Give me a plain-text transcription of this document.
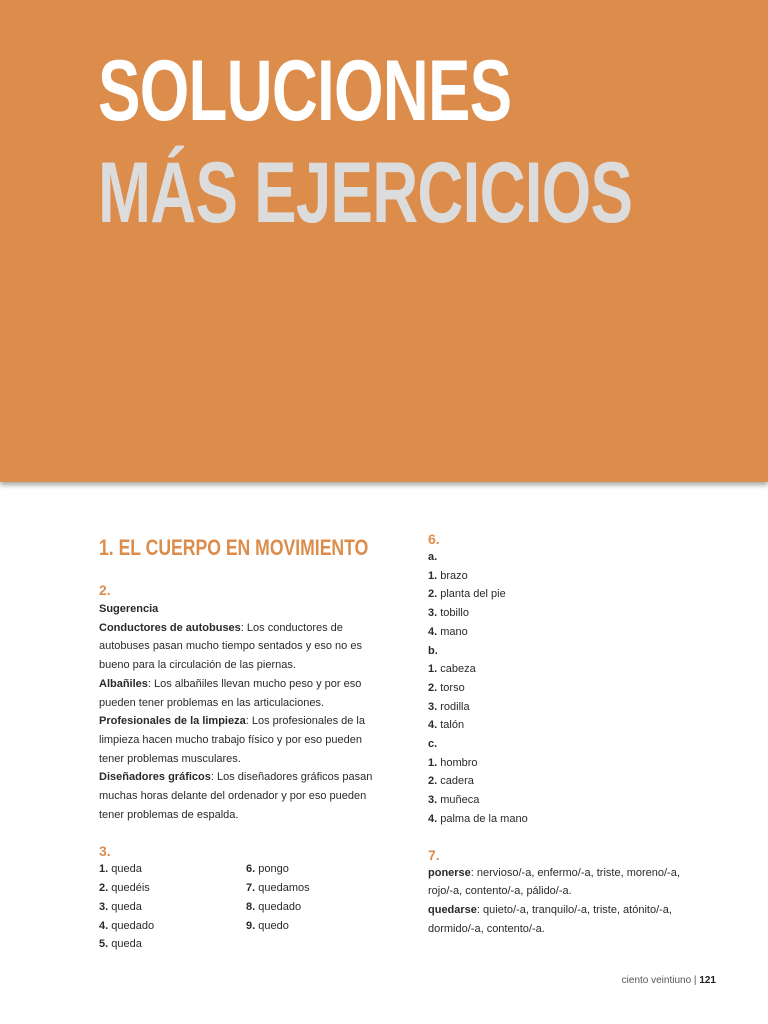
SOLUCIONES
MÁS EJERCICIOS
1. EL CUERPO EN MOVIMIENTO
2.
Sugerencia
Conductores de autobuses: Los conductores de autobuses pasan mucho tiempo sentados y eso no es bueno para la circulación de las piernas.
Albañiles: Los albañiles llevan mucho peso y por eso pueden tener problemas en las articulaciones.
Profesionales de la limpieza: Los profesionales de la limpieza hacen mucho trabajo físico y por eso pueden tener problemas musculares.
Diseñadores gráficos: Los diseñadores gráficos pasan muchas horas delante del ordenador y por eso pueden tener problemas de espalda.
3.
1. queda	6. pongo
2. quedéis	7. quedamos
3. queda	8. quedado
4. quedado	9. quedo
5. queda
6.
a.
1. brazo
2. planta del pie
3. tobillo
4. mano
b.
1. cabeza
2. torso
3. rodilla
4. talón
c.
1. hombro
2. cadera
3. muñeca
4. palma de la mano
7.
ponerse: nervioso/-a, enfermo/-a, triste, moreno/-a, rojo/-a, contento/-a, pálido/-a.
quedarse: quieto/-a, tranquilo/-a, triste, atónito/-a, dormido/-a, contento/-a.
ciento veintiuno | 121
